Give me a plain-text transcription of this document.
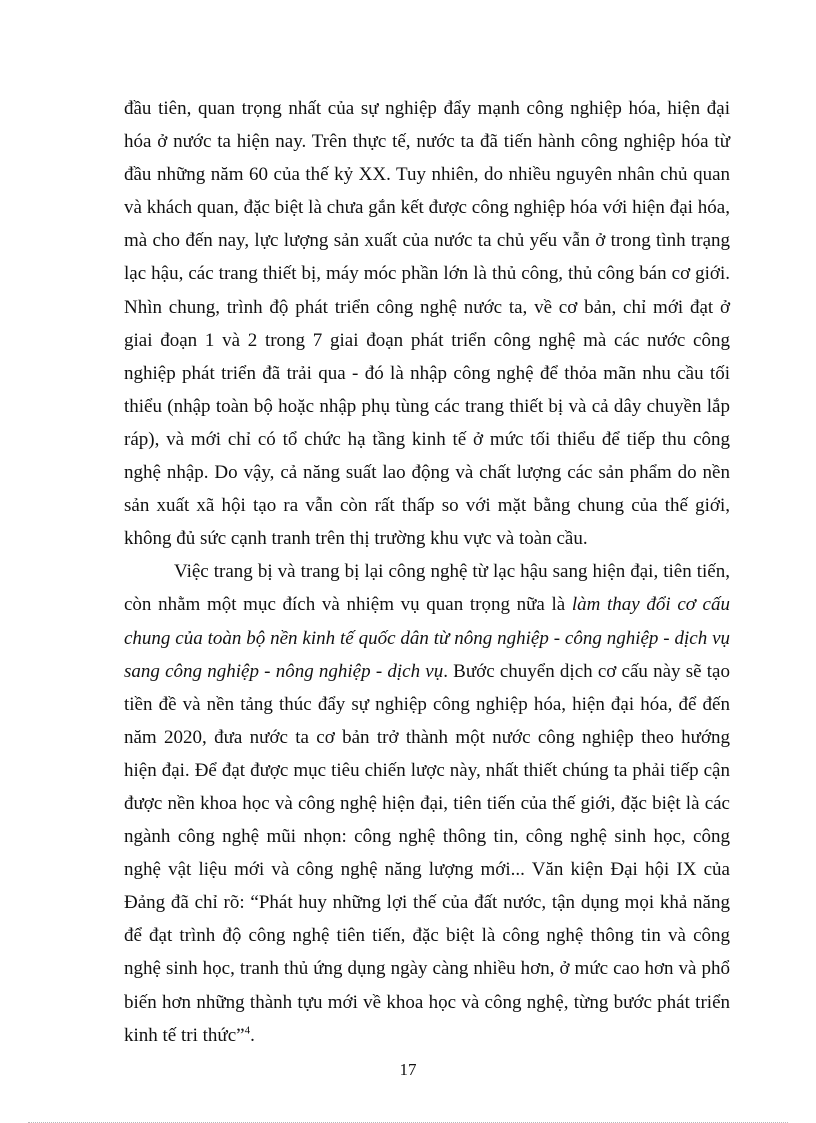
đầu tiên, quan trọng nhất của sự nghiệp đẩy mạnh công nghiệp hóa, hiện đại hóa ở nước ta hiện nay. Trên thực tế, nước ta đã tiến hành công nghiệp hóa từ đầu những năm 60 của thế kỷ XX. Tuy nhiên, do nhiều nguyên nhân chủ quan và khách quan, đặc biệt là chưa gắn kết được công nghiệp hóa với hiện đại hóa, mà cho đến nay, lực lượng sản xuất của nước ta chủ yếu vẫn ở trong tình trạng lạc hậu, các trang thiết bị, máy móc phần lớn là thủ công, thủ công bán cơ giới. Nhìn chung, trình độ phát triển công nghệ nước ta, về cơ bản, chỉ mới đạt ở giai đoạn 1 và 2 trong 7 giai đoạn phát triển công nghệ mà các nước công nghiệp phát triển đã trải qua - đó là nhập công nghệ để thỏa mãn nhu cầu tối thiểu (nhập toàn bộ hoặc nhập phụ tùng các trang thiết bị và cả dây chuyền lắp ráp), và mới chỉ có tổ chức hạ tầng kinh tế ở mức tối thiểu để tiếp thu công nghệ nhập. Do vậy, cả năng suất lao động và chất lượng các sản phẩm do nền sản xuất xã hội tạo ra vẫn còn rất thấp so với mặt bằng chung của thế giới, không đủ sức cạnh tranh trên thị trường khu vực và toàn cầu.

Việc trang bị và trang bị lại công nghệ từ lạc hậu sang hiện đại, tiên tiến, còn nhằm một mục đích và nhiệm vụ quan trọng nữa là làm thay đổi cơ cấu chung của toàn bộ nền kinh tế quốc dân từ nông nghiệp - công nghiệp - dịch vụ sang công nghiệp - nông nghiệp - dịch vụ. Bước chuyển dịch cơ cấu này sẽ tạo tiền đề và nền tảng thúc đẩy sự nghiệp công nghiệp hóa, hiện đại hóa, để đến năm 2020, đưa nước ta cơ bản trở thành một nước công nghiệp theo hướng hiện đại. Để đạt được mục tiêu chiến lược này, nhất thiết chúng ta phải tiếp cận được nền khoa học và công nghệ hiện đại, tiên tiến của thế giới, đặc biệt là các ngành công nghệ mũi nhọn: công nghệ thông tin, công nghệ sinh học, công nghệ vật liệu mới và công nghệ năng lượng mới... Văn kiện Đại hội IX của Đảng đã chỉ rõ: “Phát huy những lợi thế của đất nước, tận dụng mọi khả năng để đạt trình độ công nghệ tiên tiến, đặc biệt là công nghệ thông tin và công nghệ sinh học, tranh thủ ứng dụng ngày càng nhiều hơn, ở mức cao hơn và phổ biến hơn những thành tựu mới về khoa học và công nghệ, từng bước phát triển kinh tế tri thức”$^4$.

17
